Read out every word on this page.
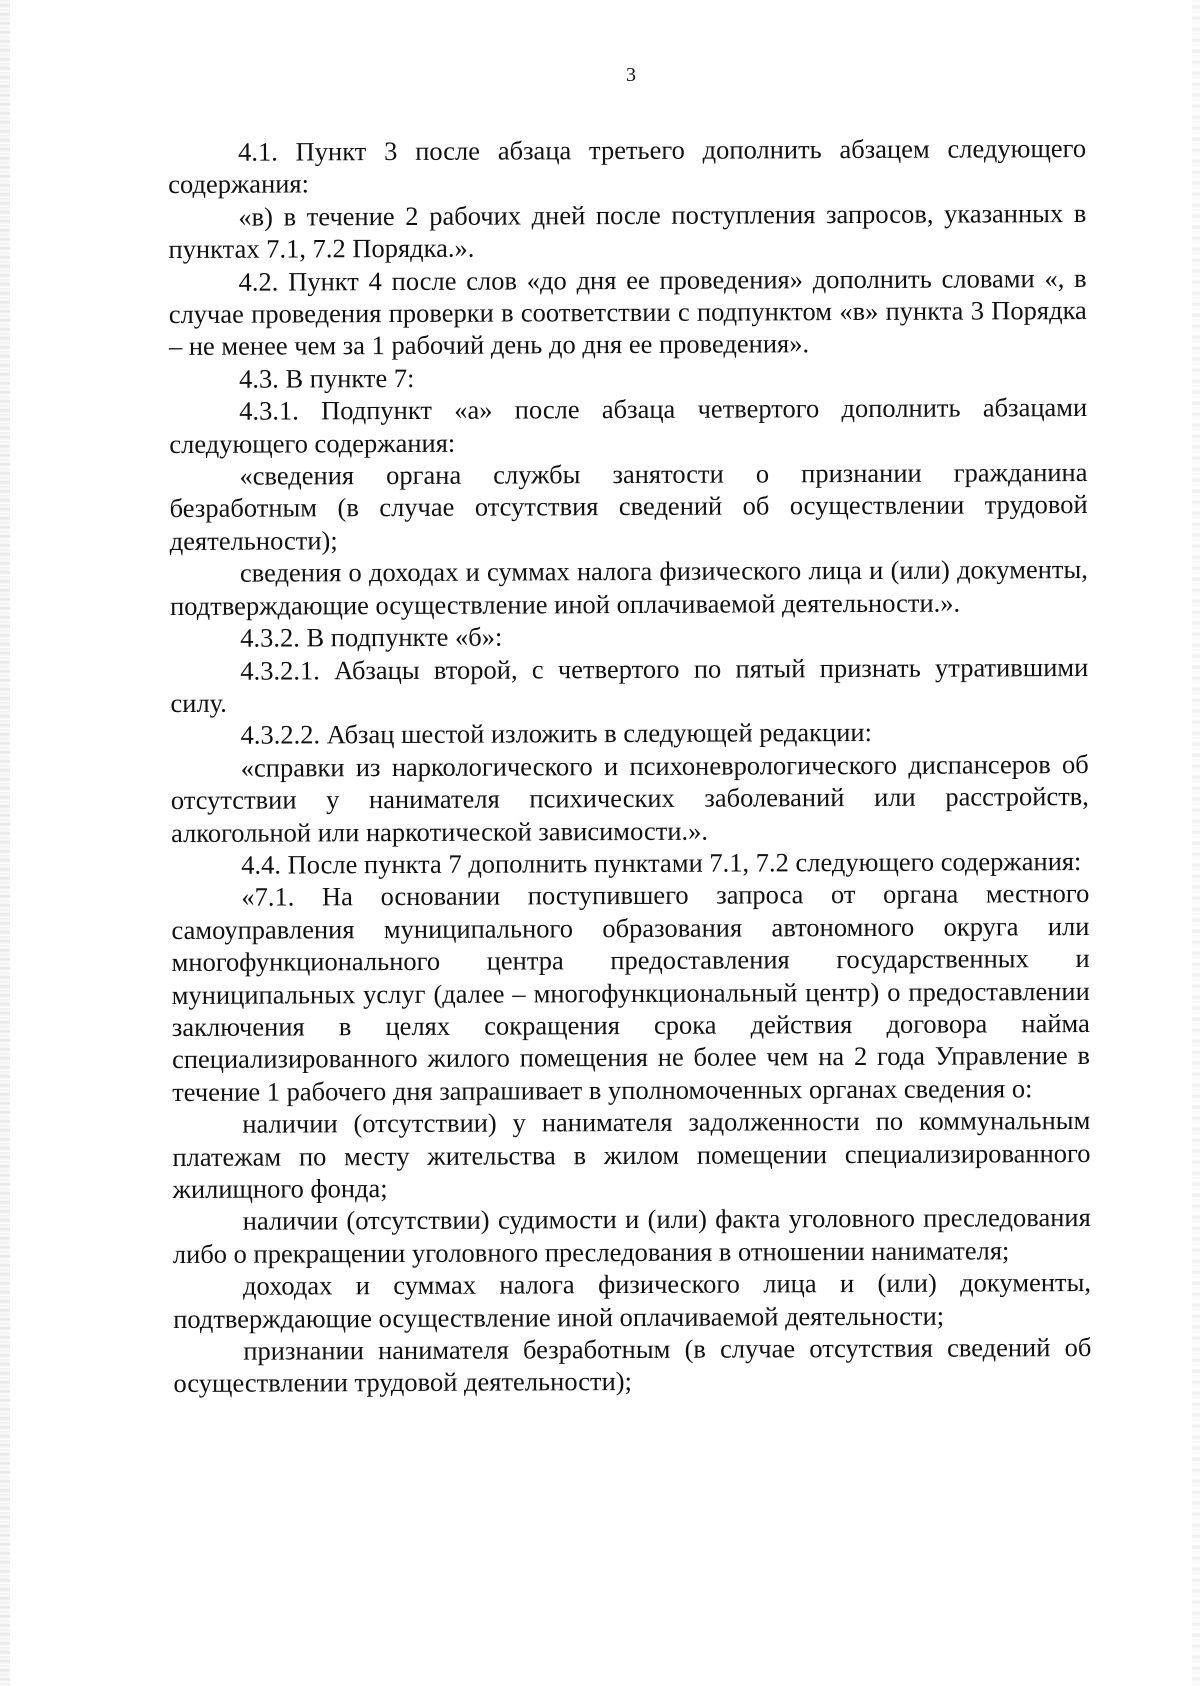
3

4.1. Пункт 3 после абзаца третьего дополнить абзацем следующего содержания:

«в) в течение 2 рабочих дней после поступления запросов, указанных в пунктах 7.1, 7.2 Порядка.».

4.2. Пункт 4 после слов «до дня ее проведения» дополнить словами «, в случае проведения проверки в соответствии с подпунктом «в» пункта 3 Порядка – не менее чем за 1 рабочий день до дня ее проведения».

4.3. В пункте 7:

4.3.1. Подпункт «а» после абзаца четвертого дополнить абзацами следующего содержания:

«сведения органа службы занятости о признании гражданина безработным (в случае отсутствия сведений об осуществлении трудовой деятельности);

сведения о доходах и суммах налога физического лица и (или) документы, подтверждающие осуществление иной оплачиваемой деятельности.».

4.3.2. В подпункте «б»:

4.3.2.1. Абзацы второй, с четвертого по пятый признать утратившими силу.

4.3.2.2. Абзац шестой изложить в следующей редакции:

«справки из наркологического и психоневрологического диспансеров об отсутствии у нанимателя психических заболеваний или расстройств, алкогольной или наркотической зависимости.».

4.4. После пункта 7 дополнить пунктами 7.1, 7.2 следующего содержания:

«7.1. На основании поступившего запроса от органа местного самоуправления муниципального образования автономного округа или многофункционального центра предоставления государственных и муниципальных услуг (далее – многофункциональный центр) о предоставлении заключения в целях сокращения срока действия договора найма специализированного жилого помещения не более чем на 2 года Управление в течение 1 рабочего дня запрашивает в уполномоченных органах сведения о:

наличии (отсутствии) у нанимателя задолженности по коммунальным платежам по месту жительства в жилом помещении специализированного жилищного фонда;

наличии (отсутствии) судимости и (или) факта уголовного преследования либо о прекращении уголовного преследования в отношении нанимателя;

доходах и суммах налога физического лица и (или) документы, подтверждающие осуществление иной оплачиваемой деятельности;

признании нанимателя безработным (в случае отсутствия сведений об осуществлении трудовой деятельности);
